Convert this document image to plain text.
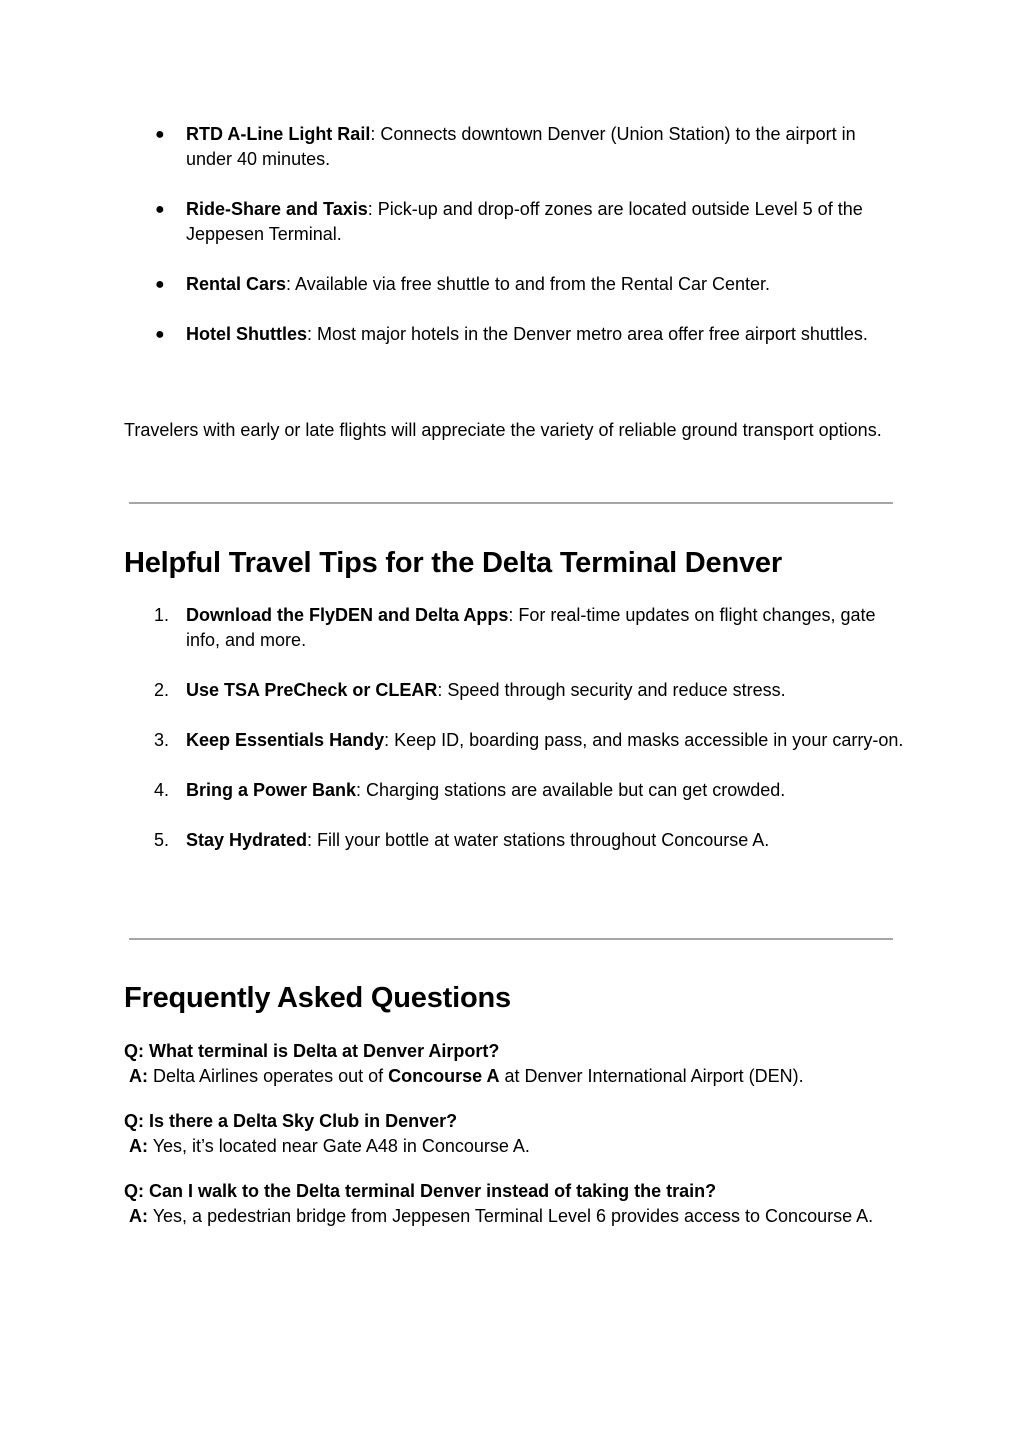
● RTD A-Line Light Rail: Connects downtown Denver (Union Station) to the airport in under 40 minutes.
● Ride-Share and Taxis: Pick-up and drop-off zones are located outside Level 5 of the Jeppesen Terminal.
● Rental Cars: Available via free shuttle to and from the Rental Car Center.
● Hotel Shuttles: Most major hotels in the Denver metro area offer free airport shuttles.

Travelers with early or late flights will appreciate the variety of reliable ground transport options.

Helpful Travel Tips for the Delta Terminal Denver
1. Download the FlyDEN and Delta Apps: For real-time updates on flight changes, gate info, and more.
2. Use TSA PreCheck or CLEAR: Speed through security and reduce stress.
3. Keep Essentials Handy: Keep ID, boarding pass, and masks accessible in your carry-on.
4. Bring a Power Bank: Charging stations are available but can get crowded.
5. Stay Hydrated: Fill your bottle at water stations throughout Concourse A.
Frequently Asked Questions
Q: What terminal is Delta at Denver Airport?
A: Delta Airlines operates out of Concourse A at Denver International Airport (DEN).
Q: Is there a Delta Sky Club in Denver?
A: Yes, it’s located near Gate A48 in Concourse A.
Q: Can I walk to the Delta terminal Denver instead of taking the train?
A: Yes, a pedestrian bridge from Jeppesen Terminal Level 6 provides access to Concourse A.
